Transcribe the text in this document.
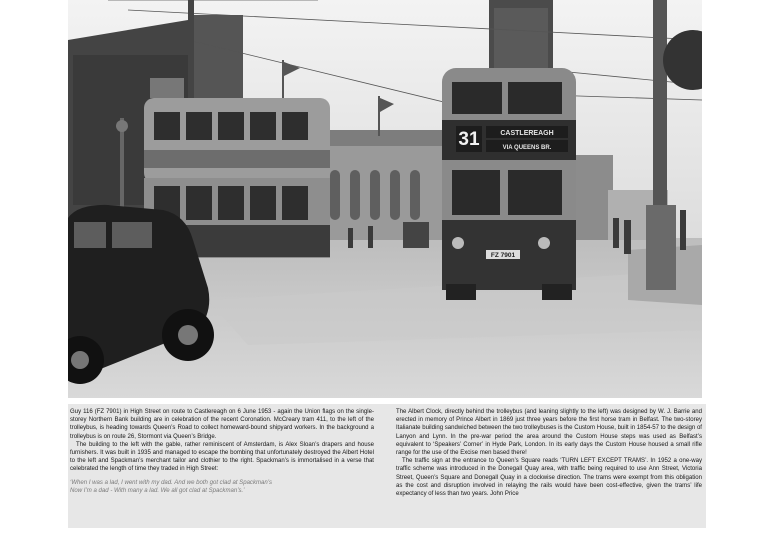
31	CASTLEREAGH
VIA QUEENS BR.
FZ 7901

Guy 116 (FZ 7901) in High Street on route to Castlereagh on 6 June 1953 - again the Union flags on the single-storey Northern Bank building are in celebration of the recent Coronation. McCreary tram 411, to the left of the trolleybus, is heading towards Queen’s Road to collect homeward-bound shipyard workers. In the background a trolleybus is on route 26, Stormont via Queen’s Bridge.

The building to the left with the gable, rather reminiscent of Amsterdam, is Alex Sloan’s drapers and house furnishers. It was built in 1935 and managed to escape the bombing that unfortunately destroyed the Albert Hotel to the left and Spackman’s merchant tailor and clothier to the right. Spackman’s is immortalised in a verse that celebrated the length of time they traded in High Street:

‘When I was a lad, I went with my dad. And we both got clad at Spackman’s
Now I’m a dad - With many a lad. We all got clad at Spackman’s.’

The Albert Clock, directly behind the trolleybus (and leaning slightly to the left) was designed by W. J. Barrie and erected in memory of Prince Albert in 1869 just three years before the first horse tram in Belfast. The two-storey Italianate building sandwiched between the two trolleybuses is the Custom House, built in 1854-57 to the design of Lanyon and Lynn. In the pre-war period the area around the Custom House steps was used as Belfast’s equivalent to ‘Speakers’ Corner’ in Hyde Park, London. In its early days the Custom House housed a small rifle range for the use of the Excise men based there!

The traffic sign at the entrance to Queen’s Square reads ‘TURN LEFT EXCEPT TRAMS’. In 1952 a one-way traffic scheme was introduced in the Donegall Quay area, with traffic being required to use Ann Street, Victoria Street, Queen’s Square and Donegall Quay in a clockwise direction. The trams were exempt from this obligation as the cost and disruption involved in relaying the rails would have been cost-effective, given the trams’ life expectancy of less than two years. John Price
